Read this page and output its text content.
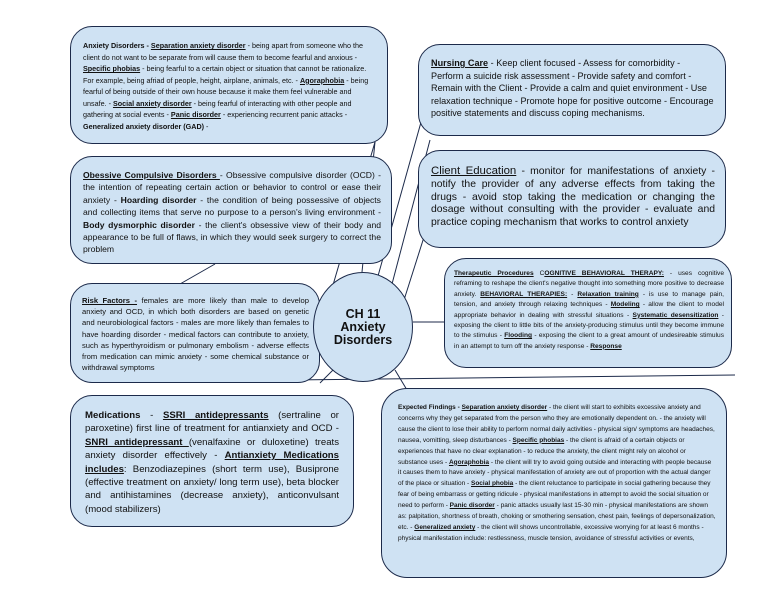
Anxiety Disorders - Separation anxiety disorder - being apart from someone who the client do not want to be separate from will cause them to become fearful and anxious - Specific phobias - being fearful to a certain object or situation that cannot be rationalize. For example, being afriad of people, height, airplane, animals, etc. - Agoraphobia - being fearful of being outside of their own house because it make them feel vulnerable and unsafe. - Social anxiety disorder - being fearful of interacting with other people and gathering at social events - Panic disorder - experiencing recurrent panic attacks - Generalized anxiety disorder (GAD) -

Obessive Compulsive Disorders - Obsessive compulsive disorder (OCD) - the intention of repeating certain action or behavior to control or ease their anxiety - Hoarding disorder - the condition of being possessive of objects and collecting items that serve no purpose to a person's living environment - Body dysmorphic disorder - the client's obsessive view of their body and appearance to be full of flaws, in which they would seek surgery to correct the problem

Risk Factors - females are more likely than male to develop anxiety and OCD, in which both disorders are based on genetic and neurobiological factors - males are more likely than females to have hoarding disorder - medical factors can contribute to anxiety, such as hyperthyroidism or pulmonary embolism - adverse effects from medication can mimic anxiety - some chemical substance or withdrawal symptoms

CH 11
Anxiety
Disorders

Medications - SSRI antidepressants (sertraline or paroxetine) first line of treatment for antianxiety and OCD - SNRI antidepressant (venalfaxine or duloxetine) treats anxiety disorder effectively - Antianxiety Medications includes: Benzodiazepines (short term use), Busiprone (effective treatment on anxiety/ long term use), beta blocker and antihistamines (decrease anxiety), anticonvulsant (mood stabilizers)

Nursing Care - Keep client focused - Assess for comorbidity - Perform a suicide risk assessment - Provide safety and comfort - Remain with the Client - Provide a calm and quiet environment - Use relaxation technique - Promote hope for positive outcome - Encourage positive statements and discuss coping mechanisms.

Client Education - monitor for manifestations of anxiety - notify the provider of any adverse effects from taking the drugs - avoid stop taking the medication or changing the dosage without consulting with the provider - evaluate and practice coping mechanism that works to control anxiety

Therapeutic Procedures COGNITIVE BEHAVIORAL THERAPY: - uses cognitive reframing to reshape the client's negative thought into something more positive to decrease anxiety. BEHAVIORAL THERAPIES: - Relaxation training - is use to manage pain, tension, and anxiety through relaxing techniques - Modeling - allow the client to model appropriate behavior in dealing with stressful situations - Systematic desensitization - exposing the client to little bits of the anxiety-producing stimulus until they become immune to the stimulus - Flooding - exposing the client to a great amount of undesireable stimulus in an attempt to turn off the anxiety response - Response

Expected Findings - Separation anxiety disorder - the client will start to exhibits excessive anxiety and concerns why they get separated from the person who they are emotionally dependent on. - the anxiety will cause the client to lose their ability to perform normal daily activities - physical sign/ symptoms are headaches, nausea, vomitting, sleep disturbances - Specific phobias - the client is afraid of a certain objects or experiences that have no clear explanation - to reduce the anxiety, the client might rely on alcohol or substance uses - Agoraphobia - the client will try to avoid going outside and interacting with people because it causes them to have anxiety - physical manifestation of anxiety are out of proportion with the actual danger of the place or situation - Social phobia - the client reluctance to participate in social gathering because they fear of being embarrass or getting ridicule - physical manifestations in attempt to avoid the social situation or need to perform - Panic disorder - panic attacks usually last 15-30 min - physical manifestations are shown as: palpitation, shortness of breath, choking or smothering sensation, chest pain, feelings of depersonalization, etc. - Generalized anxiety - the client will shows uncontrollable, excessive worrying for at least 6 months - physical manifestation include: restlessness, muscle tension, avoidance of stressful activities or events,
